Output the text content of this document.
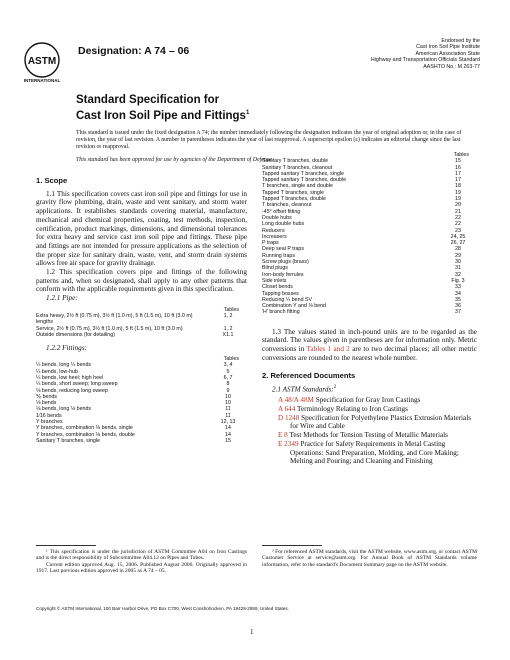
ASTM
INTERNATIONAL
Designation: A 74 – 06
Endorsed by the
Cast Iron Soil Pipe Institute
American Association State
Highway and Transportation Officials Standard
AASHTO No.: M 263-77
Standard Specification for
Cast Iron Soil Pipe and Fittings$^1$
This standard is issued under the fixed designation A 74; the number immediately following the designation indicates the year of original adoption or, in the case of revision, the year of last revision. A number in parentheses indicates the year of last reapproval. A superscript epsilon (ε) indicates an editorial change since the last revision or reapproval.
This standard has been approved for use by agencies of the Department of Defense.
1. Scope

1.1 This specification covers cast iron soil pipe and fittings for use in gravity flow plumbing, drain, waste and vent sanitary, and storm water applications. It establishes standards covering material, manufacture, mechanical and chemical properties, coating, test methods, inspection, certification, product markings, dimensions, and dimensional tolerances for extra heavy and service cast iron soil pipe and fittings. These pipe and fittings are not intended for pressure applications as the selection of the proper size for sanitary drain, waste, vent, and storm drain systems allows free air space for gravity drainage.

1.2 This specification covers pipe and fittings of the following patterns and, when so designated, shall apply to any other patterns that conform with the applicable requirements given in this specification.

1.2.1 Pipe:
Tables
Extra heavy, 2½ ft (0.75 m), 3½ ft (1.0 m), 5 ft (1.5 m), 10 ft (3.0 m) lengths
1, 2
Service, 2½ ft (0.75 m), 3½ ft (1.0 m), 5 ft (1.5 m), 10 ft (3.0 m)	1, 2
Outside dimensions (for detailing)	X1.1
1.2.2 Fittings:
Tables
¼ bends, long ¼ bends	3, 4
¼ bends, low-hub	5
¼ bends, low heel; high heel	6, 7
¼ bends, short sweep; long sweep	8
⅛ bends, reducing long sweep	9
⅙ bends	10
⅛ bends	10
⅛ bends, long ⅛ bends	11
1⁄16 bends	11
Y branches	12, 13
Y branches, combination ⅛ bends, single	14
Y branches, combination ⅛ bends, double	14
Sanitary T branches, single	15
Tables
Sanitary T branches, double	15
Sanitary T branches, cleanout	16
Tapped sanitary T branches, single	17
Tapped sanitary T branches, double	17
T branches, single and double	18
Tapped T branches, single	19
Tapped T branches, double	19
T branches, cleanout	20
-45° offset fitting	21
Double hubs	22
Long double hubs	22
Reducers	23
Increasers	24, 25
P traps	26, 27
Deep seal P traps	28
Running traps	29
Screw plugs (brass)	30
Blind plugs	31
Iron-body ferrules	32
Side inlets	Fig. 3
Closet bends	33
Tapping bosses	34
Reducing ¼ bend SV	35
Combination Y and ⅛ bend	36
'H' branch fitting	37

1.3 The values stated in inch-pound units are to be regarded as the standard. The values given in parentheses are for information only. Metric conversions in Tables 1 and 2 are to two decimal places; all other metric conversions are rounded to the nearest whole number.

2. Referenced Documents
2.1 ASTM Standards:$^2$
A 48/A 48M Specification for Gray Iron Castings
A 644 Terminology Relating to Iron Castings
D 1248 Specification for Polyethylene Plastics Extrusion Materials for Wire and Cable
E 8 Test Methods for Tension Testing of Metallic Materials
E 2349 Practice for Safety Requirements in Metal Casting Operations: Sand Preparation, Molding, and Core Making; Melting and Pouring; and Cleaning and Finishing

¹ This specification is under the jurisdiction of ASTM Committee A04 on Iron Castings and is the direct responsibility of Subcommittee A04.12 on Pipes and Tubes.

Current edition approved Aug. 15, 2006. Published August 2006. Originally approved in 1917. Last previous edition approved in 2005 as A 74 – 05.

² For referenced ASTM standards, visit the ASTM website, www.astm.org, or contact ASTM Customer Service at service@astm.org. For Annual Book of ASTM Standards volume information, refer to the standard's Document Summary page on the ASTM website.

Copyright © ASTM International, 100 Barr Harbor Drive, PO Box C700, West Conshohocken, PA 19428-2959, United States.
1
